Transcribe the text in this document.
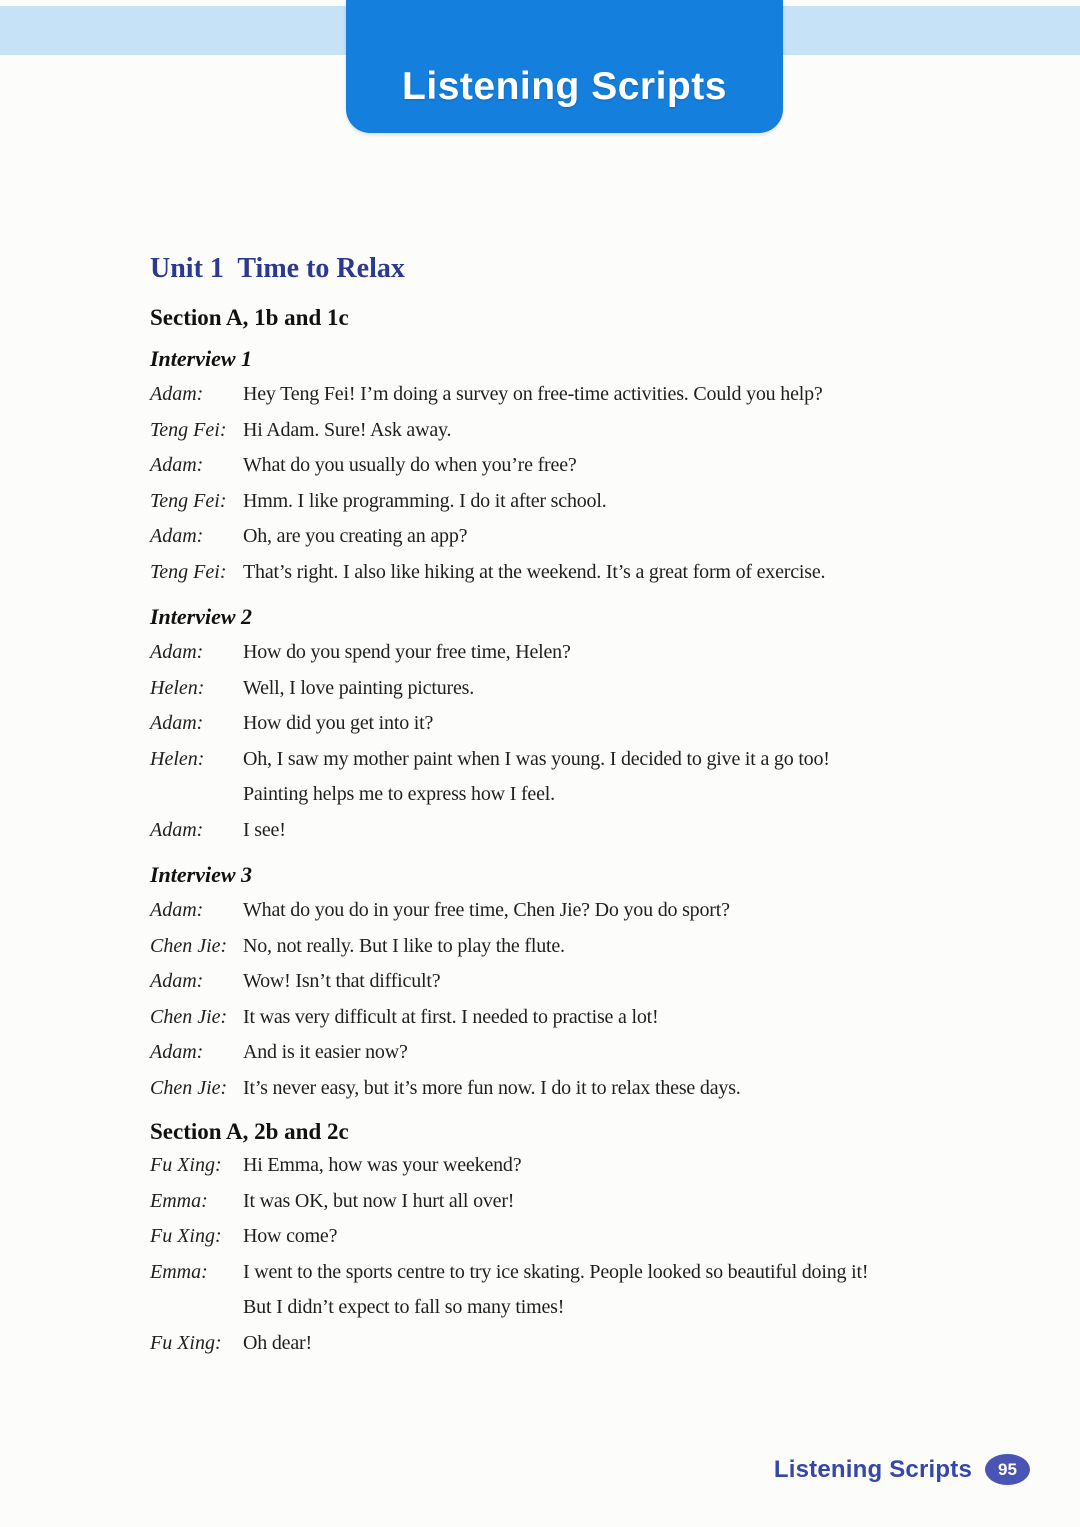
Listening Scripts
Unit 1  Time to Relax
Section A, 1b and 1c
Interview 1
Adam:	Hey Teng Fei! I’m doing a survey on free-time activities. Could you help?
Teng Fei: Hi Adam. Sure! Ask away.
Adam:	What do you usually do when you’re free?
Teng Fei: Hmm. I like programming. I do it after school.
Adam:	Oh, are you creating an app?
Teng Fei: That’s right. I also like hiking at the weekend. It’s a great form of exercise.
Interview 2
Adam:	How do you spend your free time, Helen?
Helen:	Well, I love painting pictures.
Adam:	How did you get into it?
Helen:	Oh, I saw my mother paint when I was young. I decided to give it a go too!
Painting helps me to express how I feel.
Adam:	I see!
Interview 3
Adam:	What do you do in your free time, Chen Jie? Do you do sport?
Chen Jie: No, not really. But I like to play the flute.
Adam:	Wow! Isn’t that difficult?
Chen Jie: It was very difficult at first. I needed to practise a lot!
Adam:	And is it easier now?
Chen Jie: It’s never easy, but it’s more fun now. I do it to relax these days.
Section A, 2b and 2c
Fu Xing:	Hi Emma, how was your weekend?
Emma:	It was OK, but now I hurt all over!
Fu Xing:	How come?
Emma:	I went to the sports centre to try ice skating. People looked so beautiful doing it!
But I didn’t expect to fall so many times!
Fu Xing:	Oh dear!
Listening Scripts	95
